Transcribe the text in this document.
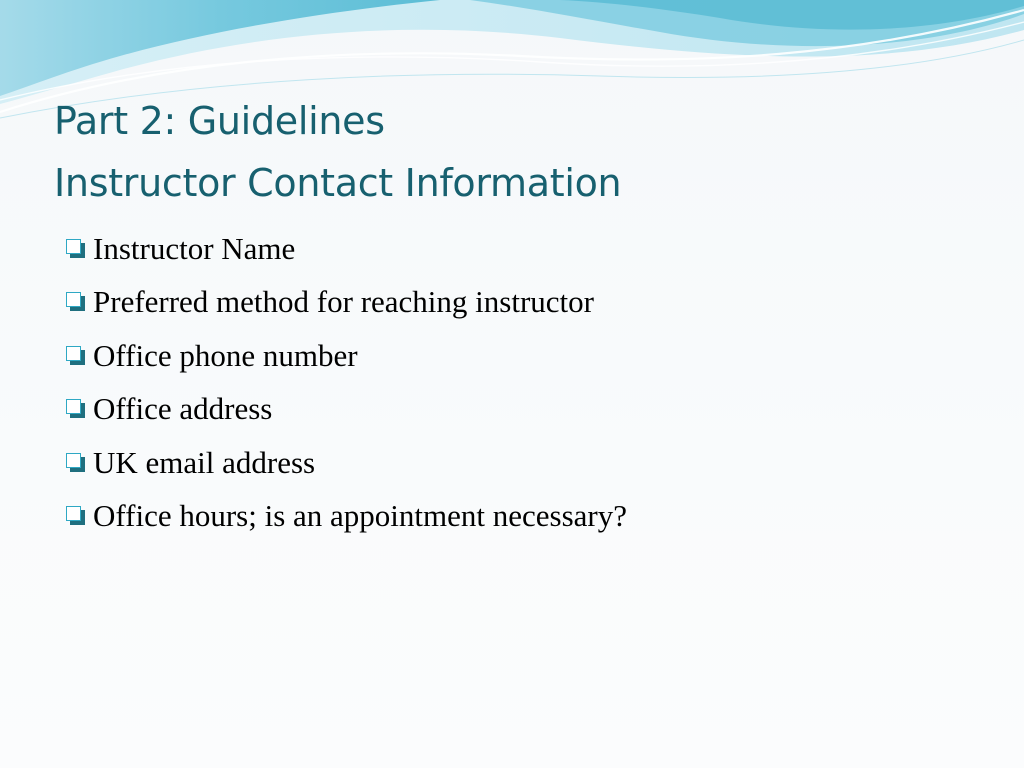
Part 2: Guidelines
Instructor Contact Information
Instructor Name
Preferred method for reaching instructor
Office phone number
Office address
UK email address
Office hours; is an appointment necessary?
